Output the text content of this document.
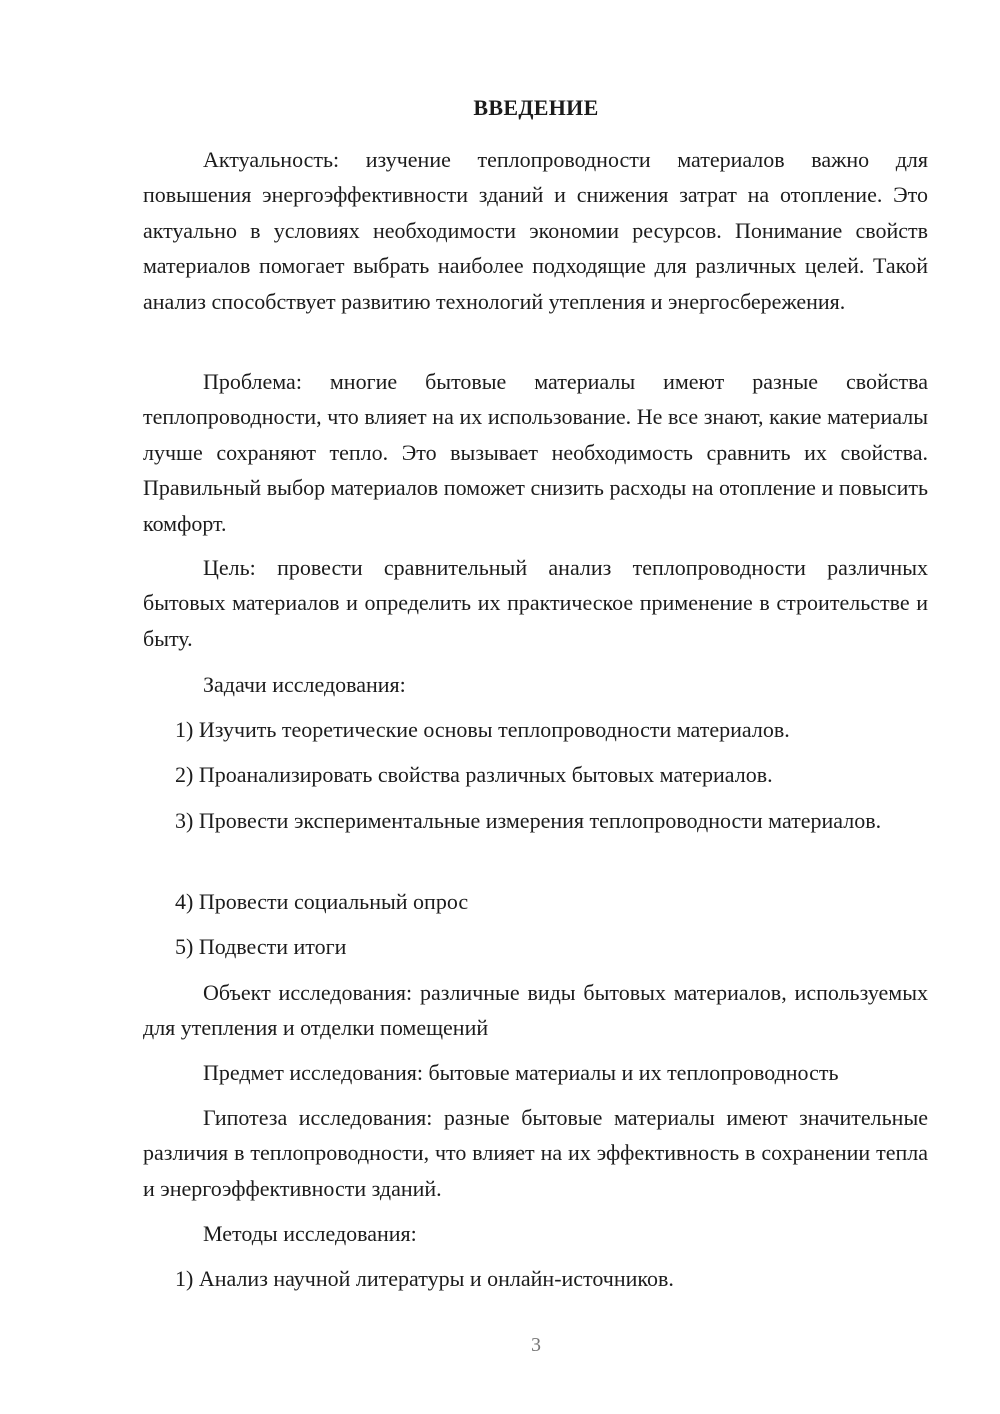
ВВЕДЕНИЕ

Актуальность: изучение теплопроводности материалов важно для повышения энергоэффективности зданий и снижения затрат на отопление. Это актуально в условиях необходимости экономии ресурсов. Понимание свойств материалов помогает выбрать наиболее подходящие для различных целей. Такой анализ способствует развитию технологий утепления и энергосбережения.

Проблема: многие бытовые материалы имеют разные свойства теплопроводности, что влияет на их использование. Не все знают, какие материалы лучше сохраняют тепло. Это вызывает необходимость сравнить их свойства. Правильный выбор материалов поможет снизить расходы на отопление и повысить комфорт.

Цель: провести сравнительный анализ теплопроводности различных бытовых материалов и определить их практическое применение в строительстве и быту.

Задачи исследования:

1) Изучить теоретические основы теплопроводности материалов.
2) Проанализировать свойства различных бытовых материалов.
3) Провести экспериментальные измерения теплопроводности материалов.
4) Провести социальный опрос
5) Подвести итоги

Объект исследования: различные виды бытовых материалов, используемых для утепления и отделки помещений

Предмет исследования: бытовые материалы и их теплопроводность

Гипотеза исследования: разные бытовые материалы имеют значительные различия в теплопроводности, что влияет на их эффективность в сохранении тепла и энергоэффективности зданий.

Методы исследования:

1) Анализ научной литературы и онлайн-источников.
3
